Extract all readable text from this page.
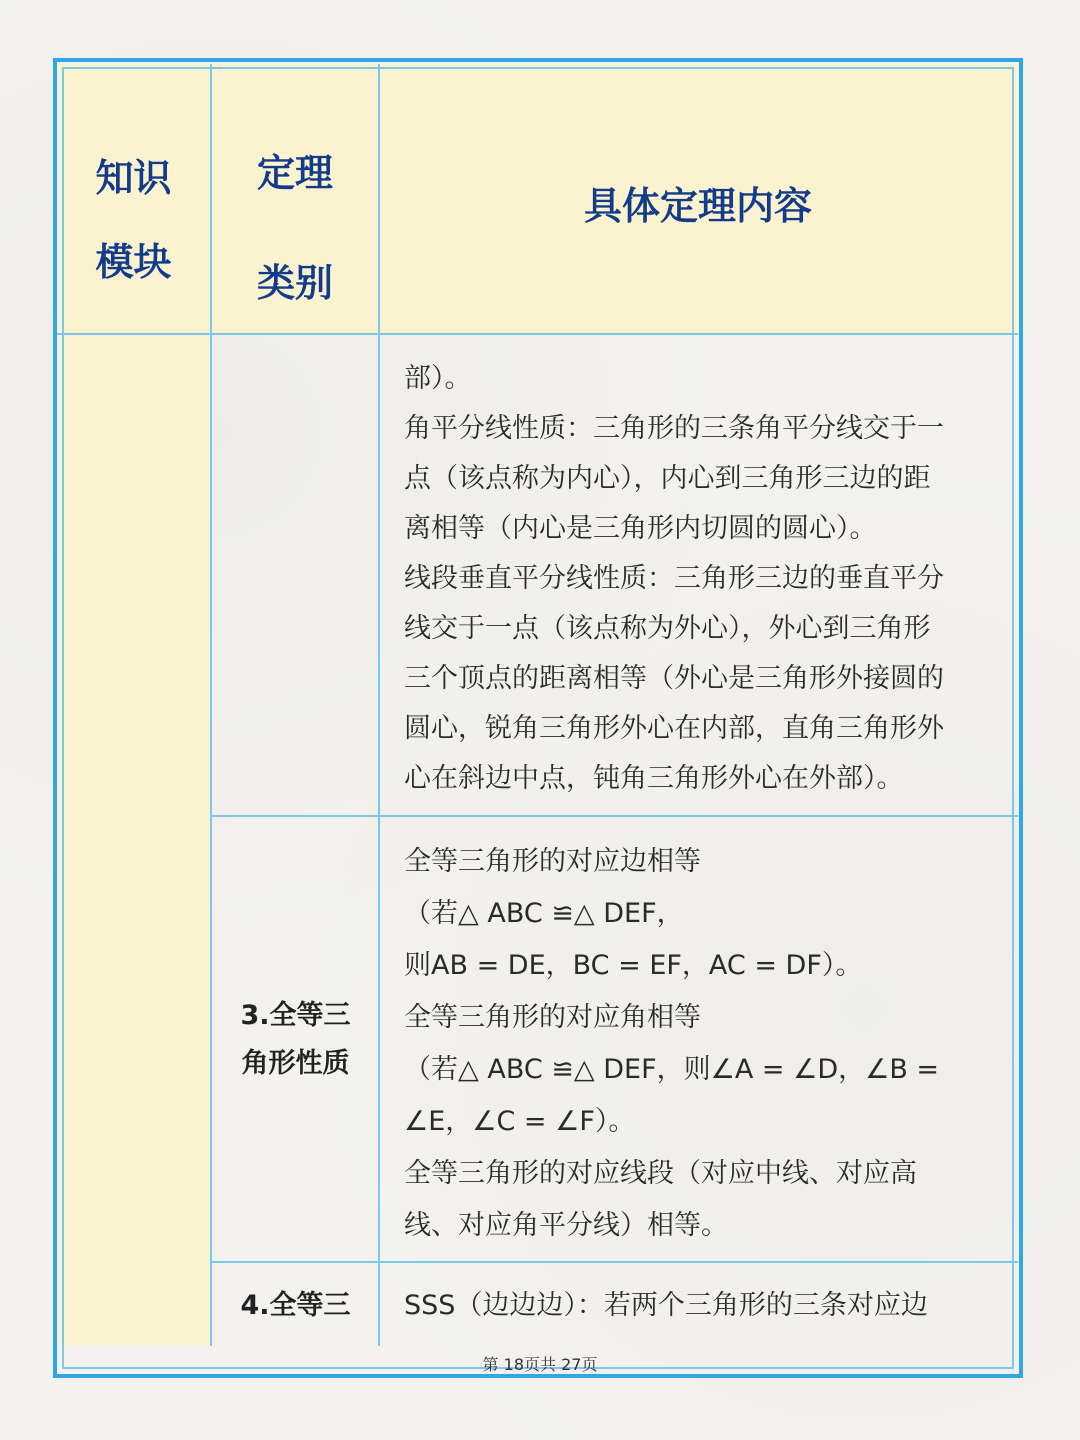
知识
模块
定理
类别
具体定理内容
部）。
角平分线性质：三角形的三条角平分线交于一
点（该点称为内心），内心到三角形三边的距
离相等（内心是三角形内切圆的圆心）。
线段垂直平分线性质：三角形三边的垂直平分
线交于一点（该点称为外心），外心到三角形
三个顶点的距离相等（外心是三角形外接圆的
圆心，锐角三角形外心在内部，直角三角形外
心在斜边中点，钝角三角形外心在外部）。
3.全等三
角形性质
全等三角形的对应边相等
（若△ ABC ≌△ DEF，
则AB = DE，BC = EF，AC = DF）。
全等三角形的对应角相等
（若△ ABC ≌△ DEF，则∠A = ∠D，∠B =
∠E，∠C = ∠F）。
全等三角形的对应线段（对应中线、对应高
线、对应角平分线）相等。
4.全等三	SSS（边边边）：若两个三角形的三条对应边
第 18页共 27页
